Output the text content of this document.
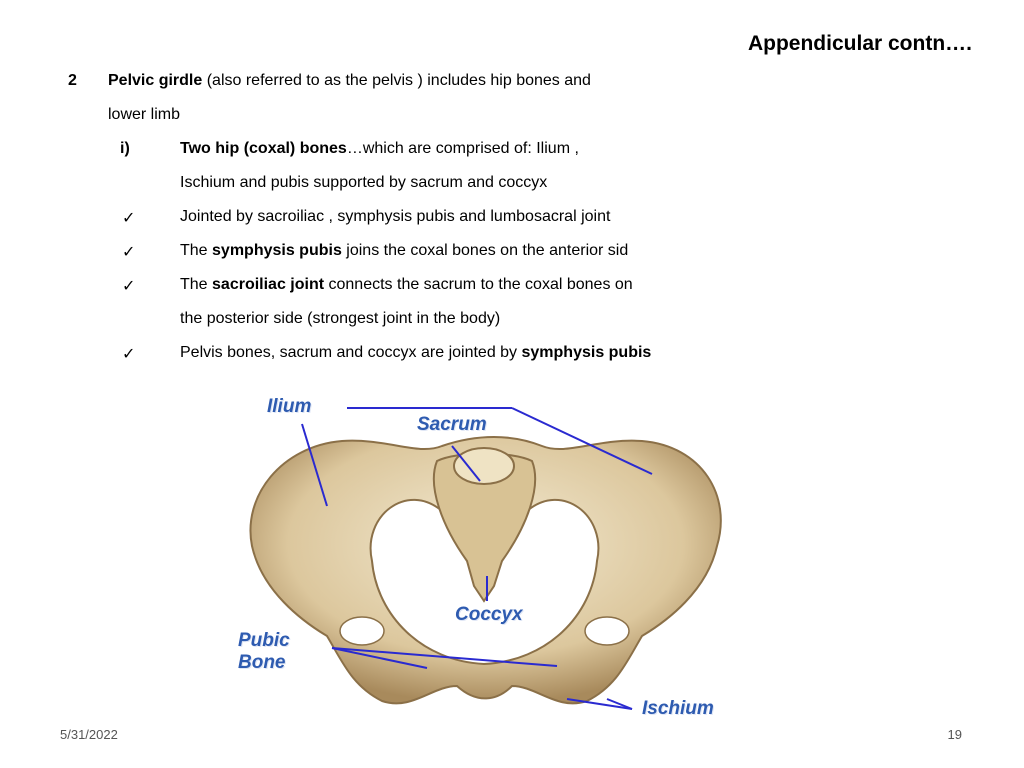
Appendicular contn….
2 Pelvic girdle (also referred to as the pelvis ) includes hip bones and
lower limb
i)	Two hip (coxal) bones…which are comprised of: Ilium ,
Ischium and pubis supported by sacrum and coccyx
✓	Jointed by sacroiliac , symphysis pubis and lumbosacral joint
✓	The symphysis pubis joins the coxal bones on the anterior sid
✓	The sacroiliac joint connects the sacrum to the coxal bones on
the posterior side (strongest joint in the body)
✓	Pelvis bones, sacrum and coccyx are jointed by symphysis pubis
Ilium
Sacrum
Coccyx
Pubic
Bone
Ischium
5/31/2022	19
